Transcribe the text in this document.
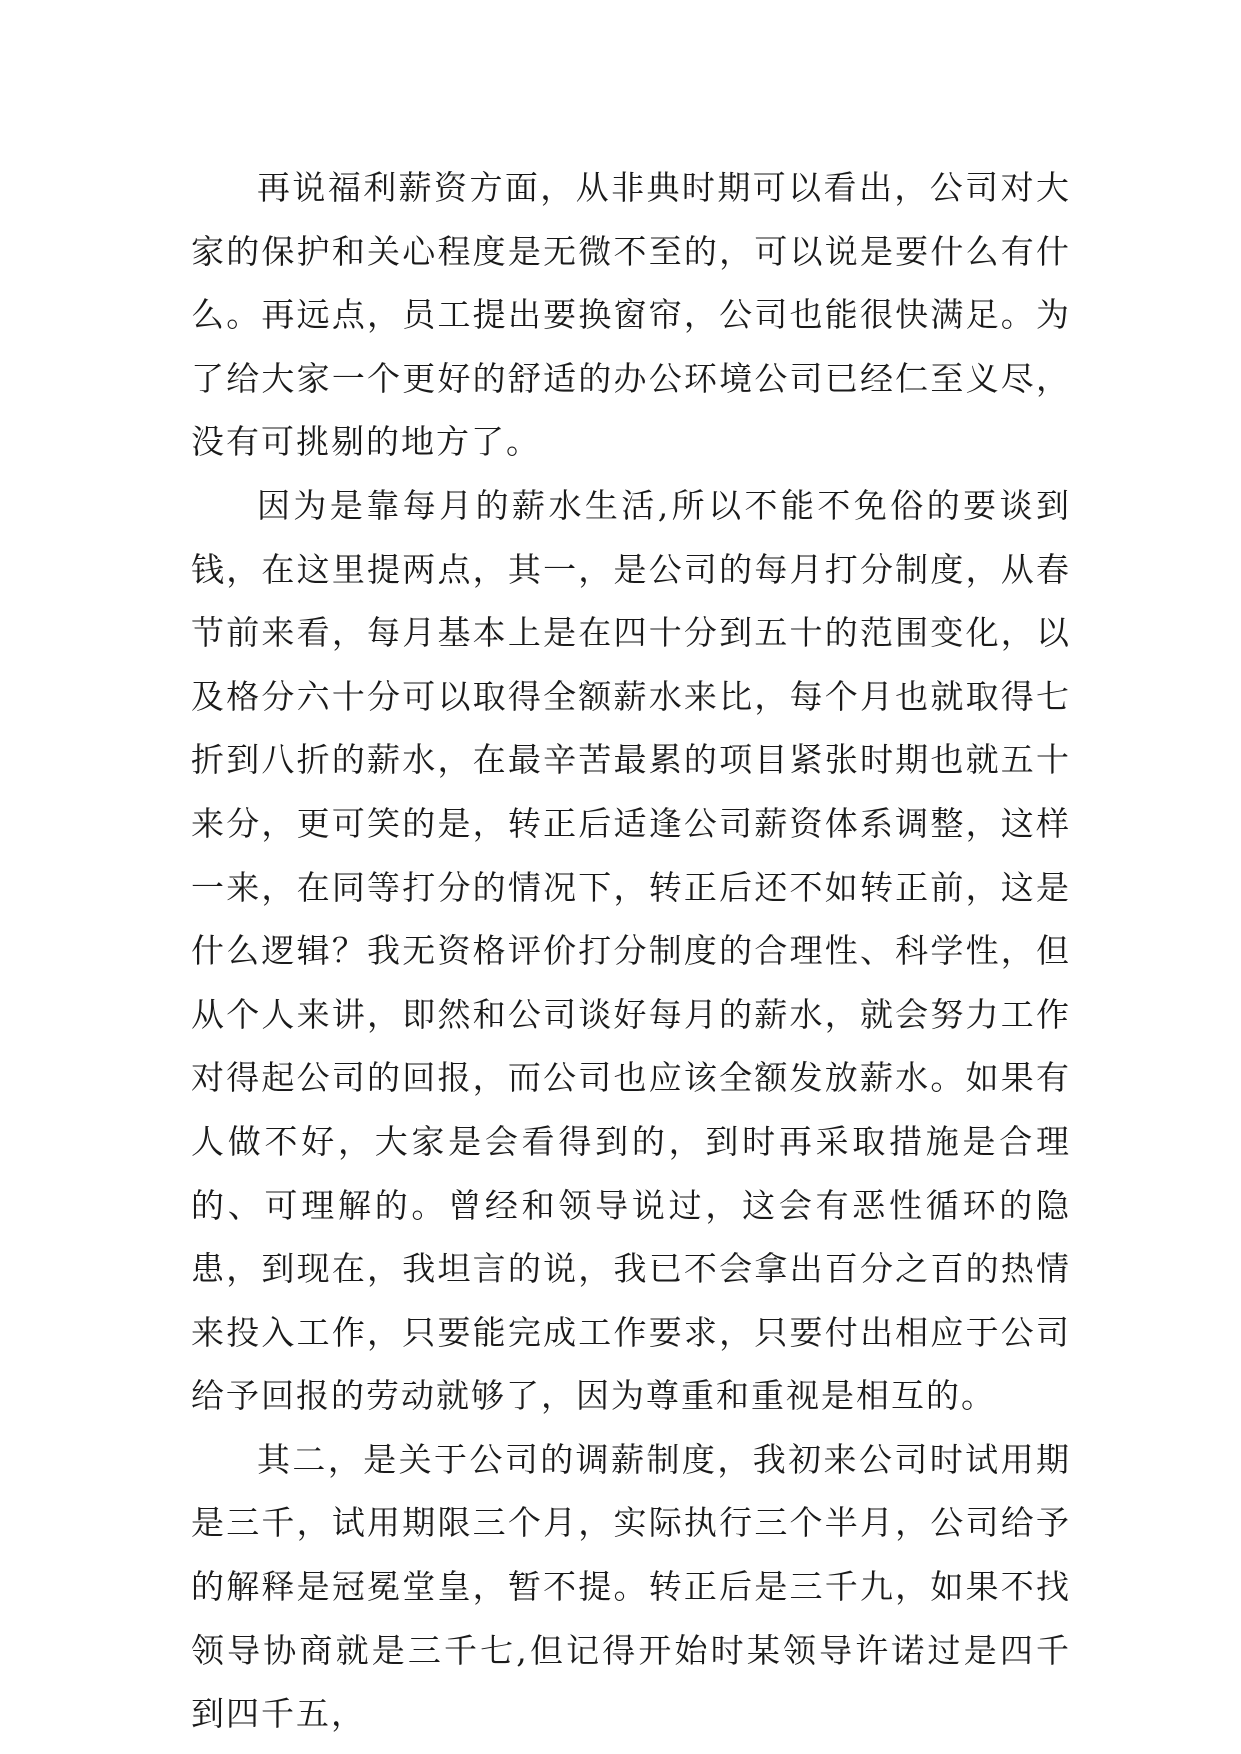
再说福利薪资方面，从非典时期可以看出，公司对大家的保护和关心程度是无微不至的，可以说是要什么有什么。再远点，员工提出要换窗帘，公司也能很快满足。为了给大家一个更好的舒适的办公环境公司已经仁至义尽，没有可挑剔的地方了。

因为是靠每月的薪水生活,所以不能不免俗的要谈到钱，在这里提两点，其一，是公司的每月打分制度，从春节前来看，每月基本上是在四十分到五十的范围变化，以及格分六十分可以取得全额薪水来比，每个月也就取得七折到八折的薪水，在最辛苦最累的项目紧张时期也就五十来分，更可笑的是，转正后适逢公司薪资体系调整，这样一来，在同等打分的情况下，转正后还不如转正前，这是什么逻辑？我无资格评价打分制度的合理性、科学性，但从个人来讲，即然和公司谈好每月的薪水，就会努力工作对得起公司的回报，而公司也应该全额发放薪水。如果有人做不好，大家是会看得到的，到时再采取措施是合理的、可理解的。曾经和领导说过，这会有恶性循环的隐患，到现在，我坦言的说，我已不会拿出百分之百的热情来投入工作，只要能完成工作要求，只要付出相应于公司给予回报的劳动就够了，因为尊重和重视是相互的。

其二，是关于公司的调薪制度，我初来公司时试用期是三千，试用期限三个月，实际执行三个半月，公司给予的解释是冠冕堂皇，暂不提。转正后是三千九，如果不找领导协商就是三千七,但记得开始时某领导许诺过是四千到四千五，
